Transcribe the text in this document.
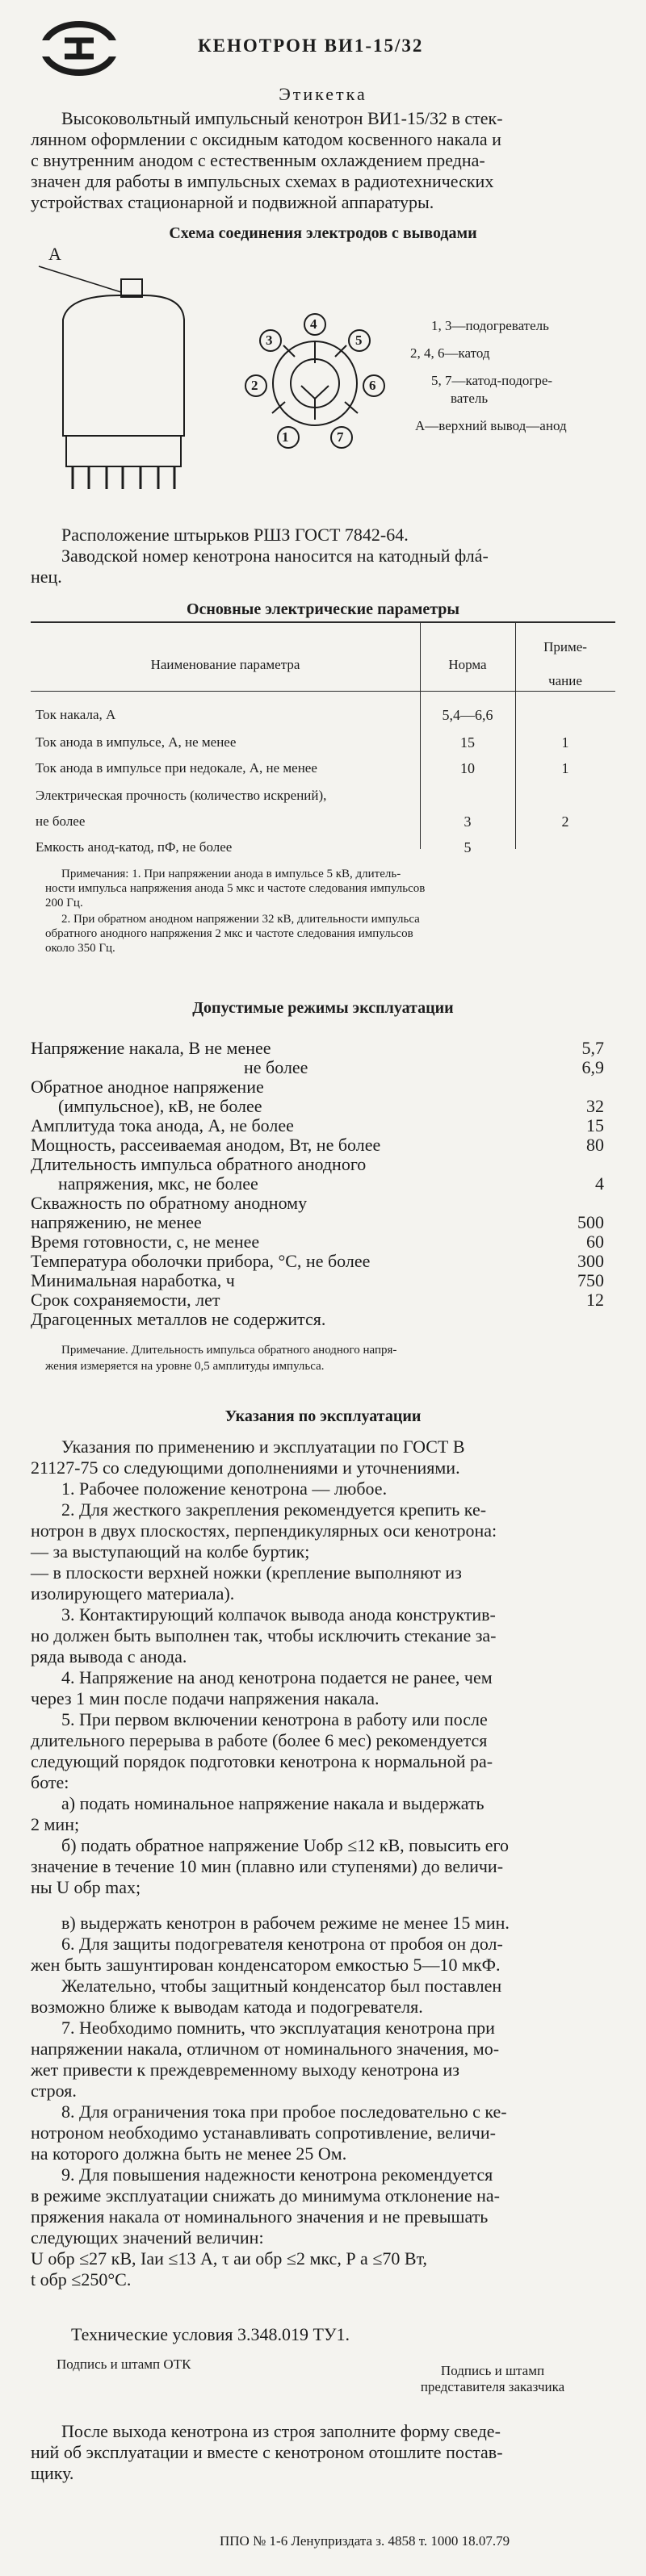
КЕНОТРОН ВИ1-15/32
Этикетка
Высоковольтный импульсный кенотрон ВИ1-15/32 в стек-
лянном оформлении с оксидным катодом косвенного накала и
с внутренним анодом с естественным охлаждением предна-
значен для работы в импульсных схемах в радиотехнических
устройствах стационарной и подвижной аппаратуры.
Схема соединения электродов с выводами
А
1
2
3
4
5
6
7
1, 3—подогреватель
2, 4, 6—катод
5, 7—катод-подогре-
ватель
А—верхний вывод—анод
Расположение штырьков РШЗ ГОСТ 7842-64.
Заводской номер кенотрона наносится на катодный флá-
нец.
Основные электрические параметры
Наименование параметра	Норма
Приме-
чание
Ток накала, А	5,4—6,6
Ток анода в импульсе, А, не менее	15	1
Ток анода в импульсе при недокале, А, не менее	10	1
Электрическая прочность (количество искрений),
не более	3	2
Емкость анод-катод, пФ, не более	5
Примечания: 1. При напряжении анода в импульсе 5 кВ, длитель-
ности импульса напряжения анода 5 мкс и частоте следования импульсов
200 Гц.
2. При обратном анодном напряжении 32 кВ, длительности импульса
обратного анодного напряжения 2 мкс и частоте следования импульсов
около 350 Гц.
Допустимые режимы эксплуатации
Напряжение накала, В не менее	5,7
не более	6,9
Обратное анодное напряжение
(импульсное), кВ, не более	32
Амплитуда тока анода, А, не более	15
Мощность, рассеиваемая анодом, Вт, не более	80
Длительность импульса обратного анодного
напряжения, мкс, не более	4
Скважность по обратному анодному
напряжению, не менее	500
Время готовности, с, не менее	60
Температура оболочки прибора, °С, не более	300
Минимальная наработка, ч	750
Срок сохраняемости, лет	12
Драгоценных металлов не содержится.
Примечание. Длительность импульса обратного анодного напря-
жения измеряется на уровне 0,5 амплитуды импульса.
Указания по эксплуатации
Указания по применению и эксплуатации по ГОСТ В
21127-75 со следующими дополнениями и уточнениями.
1. Рабочее положение кенотрона — любое.
2. Для жесткого закрепления рекомендуется крепить ке-
нотрон в двух плоскостях, перпендикулярных оси кенотрона:
— за выступающий на колбе буртик;
— в плоскости верхней ножки (крепление выполняют из
изолирующего материала).
3. Контактирующий колпачок вывода анода конструктив-
но должен быть выполнен так, чтобы исключить стекание за-
ряда вывода с анода.
4. Напряжение на анод кенотрона подается не ранее, чем
через 1 мин после подачи напряжения накала.
5. При первом включении кенотрона в работу или после
длительного перерыва в работе (более 6 мес) рекомендуется
следующий порядок подготовки кенотрона к нормальной ра-
боте:
а) подать номинальное напряжение накала и выдержать
2 мин;
б) подать обратное напряжение Uобр ≤12 кВ, повысить его
значение в течение 10 мин (плавно или ступенями) до величи-
ны U обр max;
в) выдержать кенотрон в рабочем режиме не менее 15 мин.
6. Для защиты подогревателя кенотрона от пробоя он дол-
жен быть зашунтирован конденсатором емкостью 5—10 мкФ.
Желательно, чтобы защитный конденсатор был поставлен
возможно ближе к выводам катода и подогревателя.
7. Необходимо помнить, что эксплуатация кенотрона при
напряжении накала, отличном от номинального значения, мо-
жет привести к преждевременному выходу кенотрона из
строя.
8. Для ограничения тока при пробое последовательно с ке-
нотроном необходимо устанавливать сопротивление, величи-
на которого должна быть не менее 25 Ом.
9. Для повышения надежности кенотрона рекомендуется
в режиме эксплуатации снижать до минимума отклонение на-
пряжения накала от номинального значения и не превышать
следующих значений величин:
U обр ≤27 кВ, Iаи ≤13 А, τ аи обр ≤2 мкс, Р а ≤70 Вт,
t обр ≤250°С.
Технические условия 3.348.019 ТУ1.
Подпись и штамп ОТК	Подпись и штамп
представителя заказчика
После выхода кенотрона из строя заполните форму сведе-
ний об эксплуатации и вместе с кенотроном отошлите постав-
щику.
ППО № 1-6 Ленуприздата з. 4858 т. 1000 18.07.79
